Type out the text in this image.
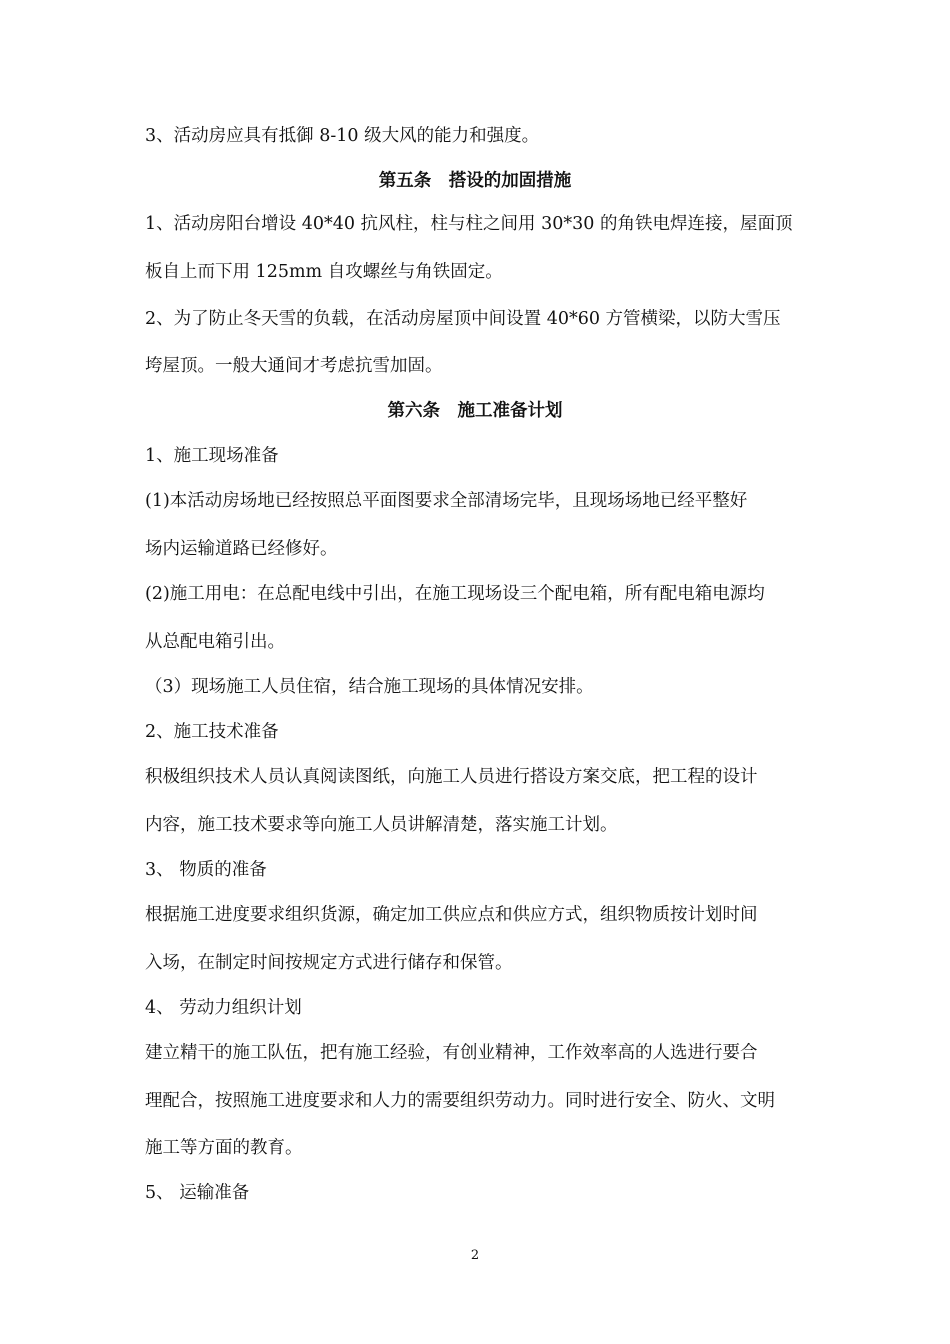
3、活动房应具有抵御 8-10 级大风的能力和强度。
第五条　搭设的加固措施
1、活动房阳台增设 40*40 抗风柱，柱与柱之间用 30*30 的角铁电焊连接，屋面顶
板自上而下用 125mm 自攻螺丝与角铁固定。
2、为了防止冬天雪的负载，在活动房屋顶中间设置 40*60 方管横梁，以防大雪压
垮屋顶。一般大通间才考虑抗雪加固。
第六条　施工准备计划
1、施工现场准备
(1)本活动房场地已经按照总平面图要求全部清场完毕，且现场场地已经平整好
场内运输道路已经修好。
(2)施工用电：在总配电线中引出，在施工现场设三个配电箱，所有配电箱电源均
从总配电箱引出。
（3）现场施工人员住宿，结合施工现场的具体情况安排。
2、施工技术准备
积极组织技术人员认真阅读图纸，向施工人员进行搭设方案交底，把工程的设计
内容，施工技术要求等向施工人员讲解清楚，落实施工计划。
3、 物质的准备
根据施工进度要求组织货源，确定加工供应点和供应方式，组织物质按计划时间
入场，在制定时间按规定方式进行储存和保管。
4、 劳动力组织计划
建立精干的施工队伍，把有施工经验，有创业精神，工作效率高的人选进行要合
理配合，按照施工进度要求和人力的需要组织劳动力。同时进行安全、防火、文明
施工等方面的教育。
5、 运输准备
2
